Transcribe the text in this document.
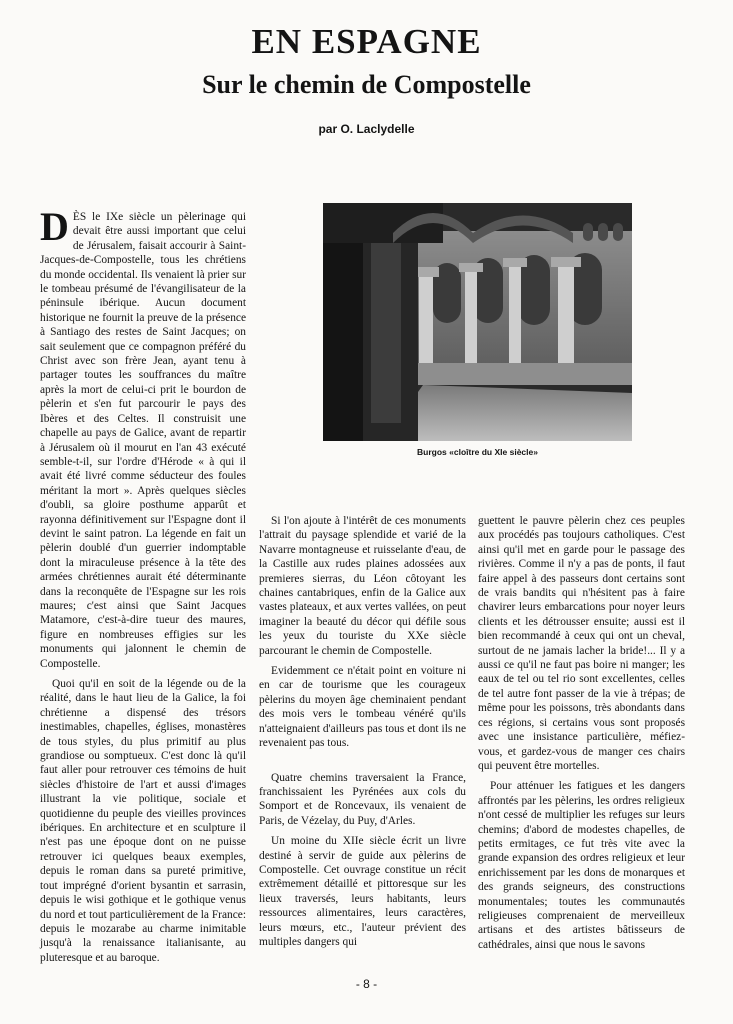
EN ESPAGNE
Sur le chemin de Compostelle
par O. Laclydelle

DÈS le IXe siècle un pèlerinage qui devait être aussi important que celui de Jérusalem, faisait accourir à Saint-Jacques-de-Compostelle, tous les chrétiens du monde occidental. Ils venaient là prier sur le tombeau présumé de l'évangilisateur de la péninsule ibérique. Aucun document historique ne fournit la preuve de la présence à Santiago des restes de Saint Jacques; on sait seulement que ce compagnon préféré du Christ avec son frère Jean, ayant tenu à partager toutes les souffrances du maître après la mort de celui-ci prit le bourdon de pèlerin et s'en fut parcourir le pays des Ibères et des Celtes. Il construisit une chapelle au pays de Galice, avant de repartir à Jérusalem où il mourut en l'an 43 exécuté semble-t-il, sur l'ordre d'Hérode « à qui il avait été livré comme séducteur des foules méritant la mort ». Après quelques siècles d'oubli, sa gloire posthume apparût et rayonna définitivement sur l'Espagne dont il devint le saint patron. La légende en fait un pèlerin doublé d'un guerrier indomptable dont la miraculeuse présence à la tête des armées chrétiennes aurait été déterminante dans la reconquête de l'Espagne sur les rois maures; c'est ainsi que Saint Jacques Matamore, c'est-à-dire tueur des maures, figure en nombreuses effigies sur les monuments qui jalonnent le chemin de Compostelle.

Quoi qu'il en soit de la légende ou de la réalité, dans le haut lieu de la Galice, la foi chrétienne a dispensé des trésors inestimables, chapelles, églises, monastères de tous styles, du plus primitif au plus grandiose ou somptueux. C'est donc là qu'il faut aller pour retrouver ces témoins de huit siècles d'histoire de l'art et aussi d'images illustrant la vie politique, sociale et quotidienne du peuple des vieilles provinces ibériques. En architecture et en sculpture il n'est pas une époque dont on ne puisse retrouver ici quelques beaux exemples, depuis le roman dans sa pureté primitive, tout imprégné d'orient bysantin et sarrasin, depuis le wisi gothique et le gothique venus du nord et tout particulièrement de la France: depuis le mozarabe au charme inimitable jusqu'à la renaissance italianisante, au pluteresque et au baroque.

Burgos «cloître du XIe siècle»

Si l'on ajoute à l'intérêt de ces monuments l'attrait du paysage splendide et varié de la Navarre montagneuse et ruisselante d'eau, de la Castille aux rudes plaines adossées aux premieres sierras, du Léon côtoyant les chaines cantabriques, enfin de la Galice aux vastes plateaux, et aux vertes vallées, on peut imaginer la beauté du décor qui défile sous les yeux du touriste du XXe siècle parcourant le chemin de Compostelle.

Evidemment ce n'était point en voiture ni en car de tourisme que les courageux pèlerins du moyen âge cheminaient pendant des mois vers le tombeau vénéré qu'ils n'atteignaient d'ailleurs pas tous et dont ils ne revenaient pas tous.

Quatre chemins traversaient la France, franchissaient les Pyrénées aux cols du Somport et de Roncevaux, ils venaient de Paris, de Vézelay, du Puy, d'Arles.

Un moine du XIIe siècle écrit un livre destiné à servir de guide aux pèlerins de Compostelle. Cet ouvrage constitue un récit extrêmement détaillé et pittoresque sur les lieux traversés, leurs habitants, leurs ressources alimentaires, leurs caractères, leurs mœurs, etc., l'auteur prévient des multiples dangers qui

guettent le pauvre pèlerin chez ces peuples aux procédés pas toujours catholiques. C'est ainsi qu'il met en garde pour le passage des rivières. Comme il n'y a pas de ponts, il faut faire appel à des passeurs dont certains sont de vrais bandits qui n'hésitent pas à faire chavirer leurs embarcations pour noyer leurs clients et les détrousser ensuite; aussi est il bien recommandé à ceux qui ont un cheval, surtout de ne jamais lacher la bride!... Il y a aussi ce qu'il ne faut pas boire ni manger; les eaux de tel ou tel rio sont excellentes, celles de tel autre font passer de la vie à trépas; de même pour les poissons, très abondants dans ces régions, si certains vous sont proposés avec une insistance particulière, méfiez-vous, et gardez-vous de manger ces chairs qui peuvent être mortelles.

Pour atténuer les fatigues et les dangers affrontés par les pèlerins, les ordres religieux n'ont cessé de multiplier les refuges sur leurs chemins; d'abord de modestes chapelles, de petits ermitages, ce fut très vite avec la grande expansion des ordres religieux et leur enrichissement par les dons de monarques et des grands seigneurs, des constructions monumentales; toutes les communautés religieuses comprenaient de merveilleux artisans et des artistes bâtisseurs de cathédrales, ainsi que nous le savons

- 8 -
